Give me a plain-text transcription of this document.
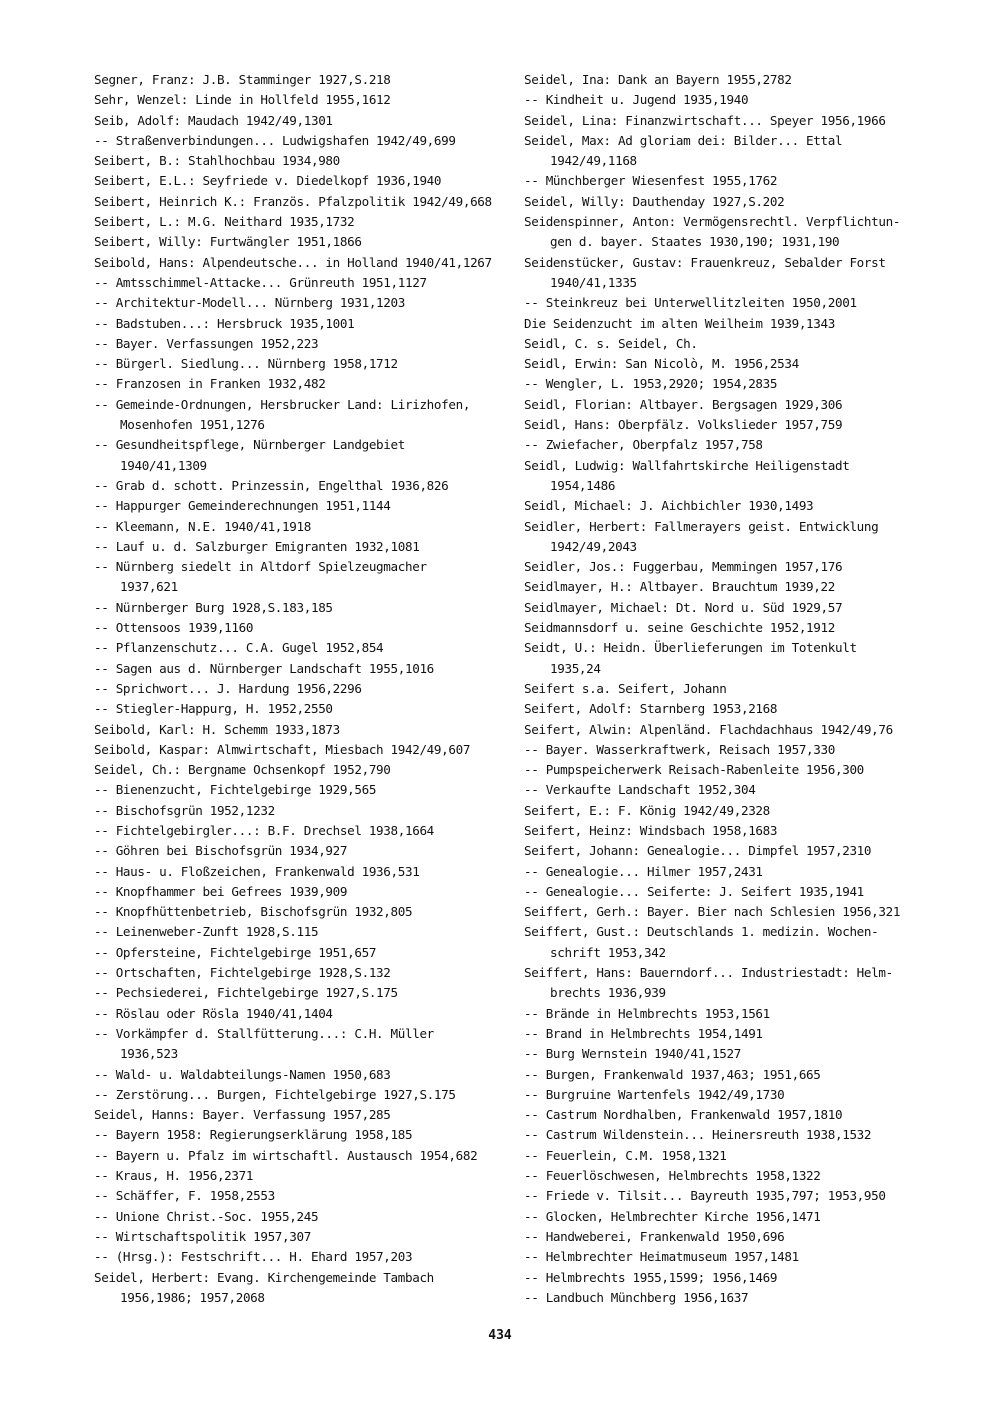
Segner, Franz: J.B. Stamminger 1927,S.218
Sehr, Wenzel: Linde in Hollfeld 1955,1612
Seib, Adolf: Maudach 1942/49,1301
-- Straßenverbindungen... Ludwigshafen 1942/49,699
Seibert, B.: Stahlhochbau 1934,980
Seibert, E.L.: Seyfriede v. Diedelkopf 1936,1940
Seibert, Heinrich K.: Französ. Pfalzpolitik 1942/49,668
Seibert, L.: M.G. Neithard 1935,1732
Seibert, Willy: Furtwängler 1951,1866
Seibold, Hans: Alpendeutsche... in Holland 1940/41,1267
-- Amtsschimmel-Attacke... Grünreuth 1951,1127
-- Architektur-Modell... Nürnberg 1931,1203
-- Badstuben...: Hersbruck 1935,1001
-- Bayer. Verfassungen 1952,223
-- Bürgerl. Siedlung... Nürnberg 1958,1712
-- Franzosen in Franken 1932,482
-- Gemeinde-Ordnungen, Hersbrucker Land: Lirizhofen,
Mosenhofen 1951,1276
-- Gesundheitspflege, Nürnberger Landgebiet
1940/41,1309
-- Grab d. schott. Prinzessin, Engelthal 1936,826
-- Happurger Gemeinderechnungen 1951,1144
-- Kleemann, N.E. 1940/41,1918
-- Lauf u. d. Salzburger Emigranten 1932,1081
-- Nürnberg siedelt in Altdorf Spielzeugmacher
1937,621
-- Nürnberger Burg 1928,S.183,185
-- Ottensoos 1939,1160
-- Pflanzenschutz... C.A. Gugel 1952,854
-- Sagen aus d. Nürnberger Landschaft 1955,1016
-- Sprichwort... J. Hardung 1956,2296
-- Stiegler-Happurg, H. 1952,2550
Seibold, Karl: H. Schemm 1933,1873
Seibold, Kaspar: Almwirtschaft, Miesbach 1942/49,607
Seidel, Ch.: Bergname Ochsenkopf 1952,790
-- Bienenzucht, Fichtelgebirge 1929,565
-- Bischofsgrün 1952,1232
-- Fichtelgebirgler...: B.F. Drechsel 1938,1664
-- Göhren bei Bischofsgrün 1934,927
-- Haus- u. Floßzeichen, Frankenwald 1936,531
-- Knopfhammer bei Gefrees 1939,909
-- Knopfhüttenbetrieb, Bischofsgrün 1932,805
-- Leinenweber-Zunft 1928,S.115
-- Opfersteine, Fichtelgebirge 1951,657
-- Ortschaften, Fichtelgebirge 1928,S.132
-- Pechsiederei, Fichtelgebirge 1927,S.175
-- Röslau oder Rösla 1940/41,1404
-- Vorkämpfer d. Stallfütterung...: C.H. Müller
1936,523
-- Wald- u. Waldabteilungs-Namen 1950,683
-- Zerstörung... Burgen, Fichtelgebirge 1927,S.175
Seidel, Hanns: Bayer. Verfassung 1957,285
-- Bayern 1958: Regierungserklärung 1958,185
-- Bayern u. Pfalz im wirtschaftl. Austausch 1954,682
-- Kraus, H. 1956,2371
-- Schäffer, F. 1958,2553
-- Unione Christ.-Soc. 1955,245
-- Wirtschaftspolitik 1957,307
-- (Hrsg.): Festschrift... H. Ehard 1957,203
Seidel, Herbert: Evang. Kirchengemeinde Tambach
1956,1986; 1957,2068
Seidel, Ina: Dank an Bayern 1955,2782
-- Kindheit u. Jugend 1935,1940
Seidel, Lina: Finanzwirtschaft... Speyer 1956,1966
Seidel, Max: Ad gloriam dei: Bilder... Ettal
1942/49,1168
-- Münchberger Wiesenfest 1955,1762
Seidel, Willy: Dauthenday 1927,S.202
Seidenspinner, Anton: Vermögensrechtl. Verpflichtun-
gen d. bayer. Staates 1930,190; 1931,190
Seidenstücker, Gustav: Frauenkreuz, Sebalder Forst
1940/41,1335
-- Steinkreuz bei Unterwellitzleiten 1950,2001
Die Seidenzucht im alten Weilheim 1939,1343
Seidl, C. s. Seidel, Ch.
Seidl, Erwin: San Nicolò, M. 1956,2534
-- Wengler, L. 1953,2920; 1954,2835
Seidl, Florian: Altbayer. Bergsagen 1929,306
Seidl, Hans: Oberpfälz. Volkslieder 1957,759
-- Zwiefacher, Oberpfalz 1957,758
Seidl, Ludwig: Wallfahrtskirche Heiligenstadt
1954,1486
Seidl, Michael: J. Aichbichler 1930,1493
Seidler, Herbert: Fallmerayers geist. Entwicklung
1942/49,2043
Seidler, Jos.: Fuggerbau, Memmingen 1957,176
Seidlmayer, H.: Altbayer. Brauchtum 1939,22
Seidlmayer, Michael: Dt. Nord u. Süd 1929,57
Seidmannsdorf u. seine Geschichte 1952,1912
Seidt, U.: Heidn. Überlieferungen im Totenkult
1935,24
Seifert s.a. Seifert, Johann
Seifert, Adolf: Starnberg 1953,2168
Seifert, Alwin: Alpenländ. Flachdachhaus 1942/49,76
-- Bayer. Wasserkraftwerk, Reisach 1957,330
-- Pumpspeicherwerk Reisach-Rabenleite 1956,300
-- Verkaufte Landschaft 1952,304
Seifert, E.: F. König 1942/49,2328
Seifert, Heinz: Windsbach 1958,1683
Seifert, Johann: Genealogie... Dimpfel 1957,2310
-- Genealogie... Hilmer 1957,2431
-- Genealogie... Seiferte: J. Seifert 1935,1941
Seiffert, Gerh.: Bayer. Bier nach Schlesien 1956,321
Seiffert, Gust.: Deutschlands 1. medizin. Wochen-
schrift 1953,342
Seiffert, Hans: Bauerndorf... Industriestadt: Helm-
brechts 1936,939
-- Brände in Helmbrechts 1953,1561
-- Brand in Helmbrechts 1954,1491
-- Burg Wernstein 1940/41,1527
-- Burgen, Frankenwald 1937,463; 1951,665
-- Burgruine Wartenfels 1942/49,1730
-- Castrum Nordhalben, Frankenwald 1957,1810
-- Castrum Wildenstein... Heinersreuth 1938,1532
-- Feuerlein, C.M. 1958,1321
-- Feuerlöschwesen, Helmbrechts 1958,1322
-- Friede v. Tilsit... Bayreuth 1935,797; 1953,950
-- Glocken, Helmbrechter Kirche 1956,1471
-- Handweberei, Frankenwald 1950,696
-- Helmbrechter Heimatmuseum 1957,1481
-- Helmbrechts 1955,1599; 1956,1469
-- Landbuch Münchberg 1956,1637
434
